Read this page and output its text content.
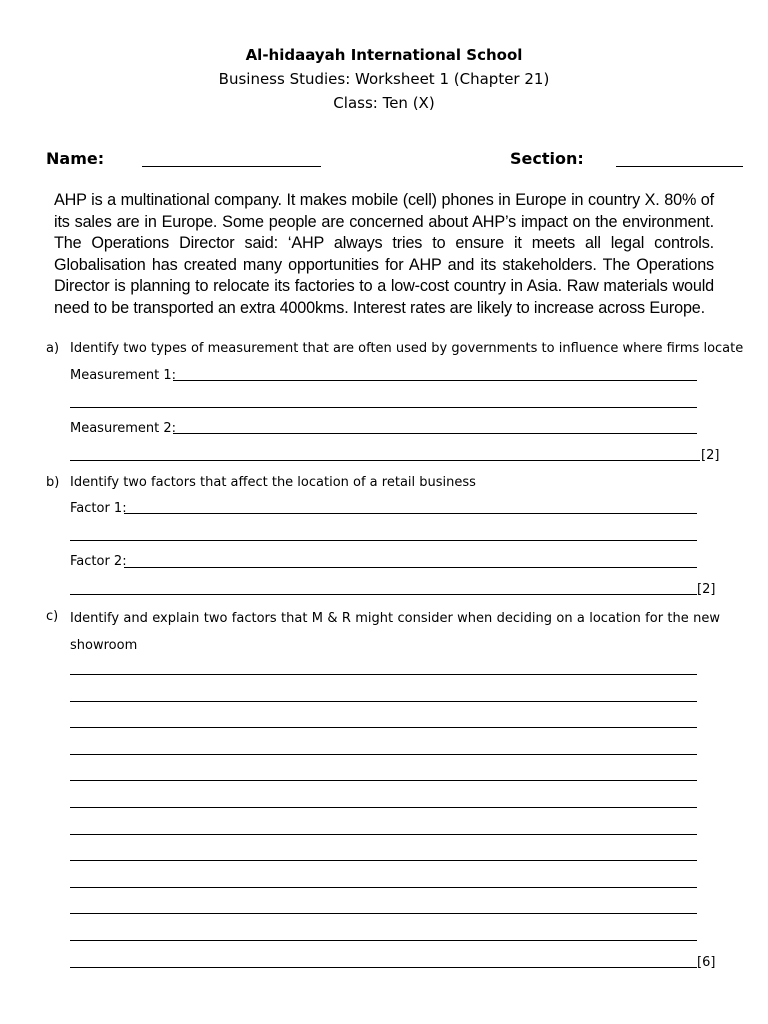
Al-hidaayah International School
Business Studies: Worksheet 1 (Chapter 21)
Class: Ten (X)
Name:	Section:
AHP is a multinational company. It makes mobile (cell) phones in Europe in country X. 80% of its sales are in Europe. Some people are concerned about AHP’s impact on the environment. The Operations Director said: ‘AHP always tries to ensure it meets all legal controls. Globalisation has created many opportunities for AHP and its stakeholders. The Operations Director is planning to relocate its factories to a low-cost country in Asia. Raw materials would need to be transported an extra 4000kms. Interest rates are likely to increase across Europe.
a) Identify two types of measurement that are often used by governments to influence where firms locate
Measurement 1:
Measurement 2:
[2]
b) Identify two factors that affect the location of a retail business
Factor 1:
Factor 2:
[2]
c) Identify and explain two factors that M & R might consider when deciding on a location for the new showroom
[6]
